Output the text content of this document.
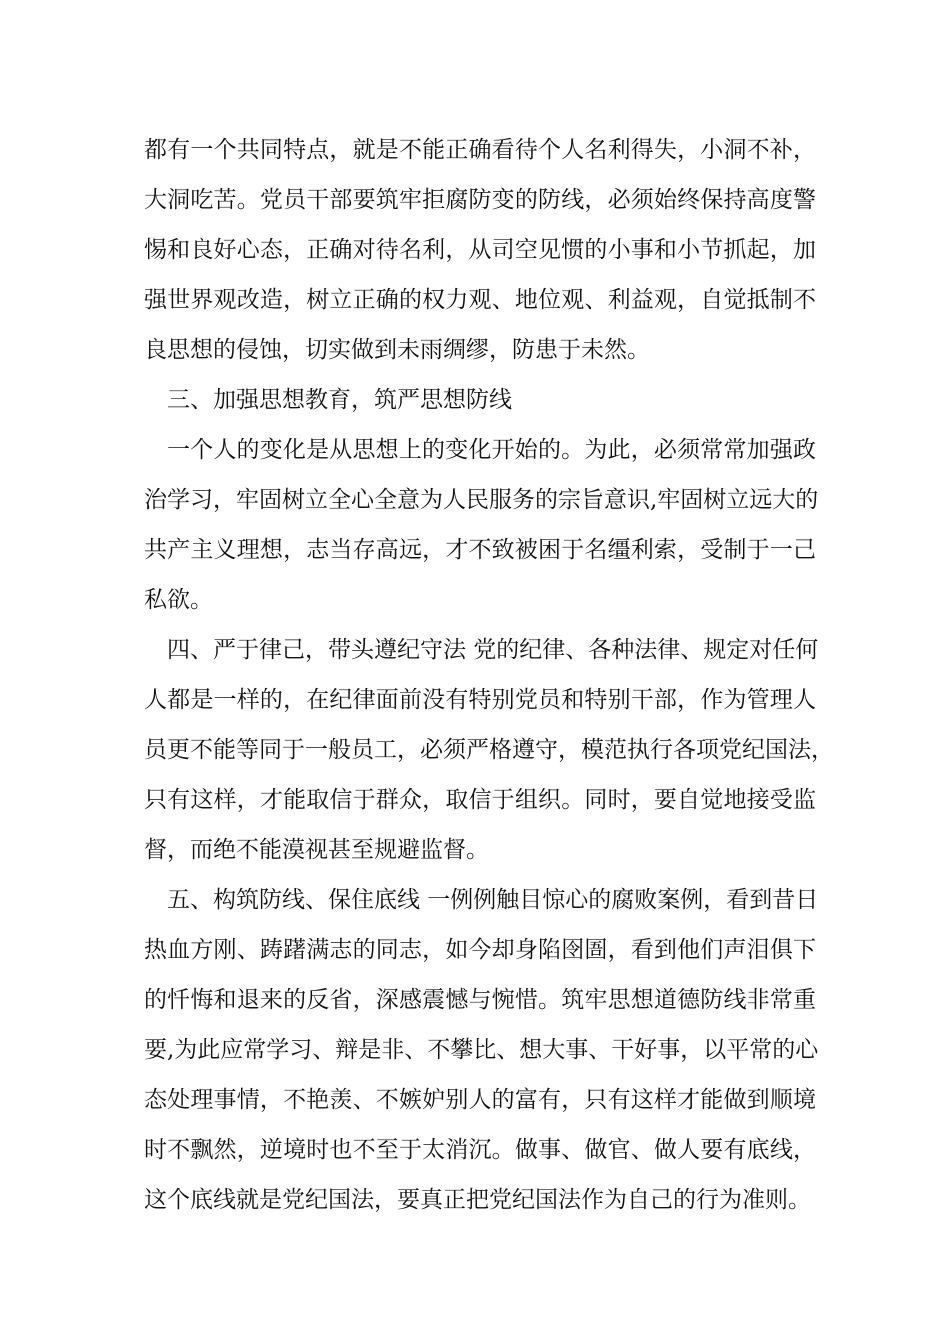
都有一个共同特点，就是不能正确看待个人名利得失，小洞不补，
大洞吃苦。党员干部要筑牢拒腐防变的防线，必须始终保持高度警
惕和良好心态，正确对待名利，从司空见惯的小事和小节抓起，加
强世界观改造，树立正确的权力观、地位观、利益观，自觉抵制不
良思想的侵蚀，切实做到未雨绸缪，防患于未然。
三、加强思想教育，筑严思想防线
一个人的变化是从思想上的变化开始的。为此，必须常常加强政
治学习，牢固树立全心全意为人民服务的宗旨意识,牢固树立远大的
共产主义理想，志当存高远，才不致被困于名缰利索，受制于一己
私欲。
四、严于律己，带头遵纪守法 党的纪律、各种法律、规定对任何
人都是一样的，在纪律面前没有特别党员和特别干部，作为管理人
员更不能等同于一般员工，必须严格遵守，模范执行各项党纪国法，
只有这样，才能取信于群众，取信于组织。同时，要自觉地接受监
督，而绝不能漠视甚至规避监督。
五、构筑防线、保住底线 一例例触目惊心的腐败案例，看到昔日
热血方刚、踌躇满志的同志，如今却身陷囹圄，看到他们声泪俱下
的忏悔和退来的反省，深感震憾与惋惜。筑牢思想道德防线非常重
要,为此应常学习、辩是非、不攀比、想大事、干好事，以平常的心
态处理事情，不艳羡、不嫉妒别人的富有，只有这样才能做到顺境
时不飘然，逆境时也不至于太消沉。做事、做官、做人要有底线，
这个底线就是党纪国法，要真正把党纪国法作为自己的行为准则。
